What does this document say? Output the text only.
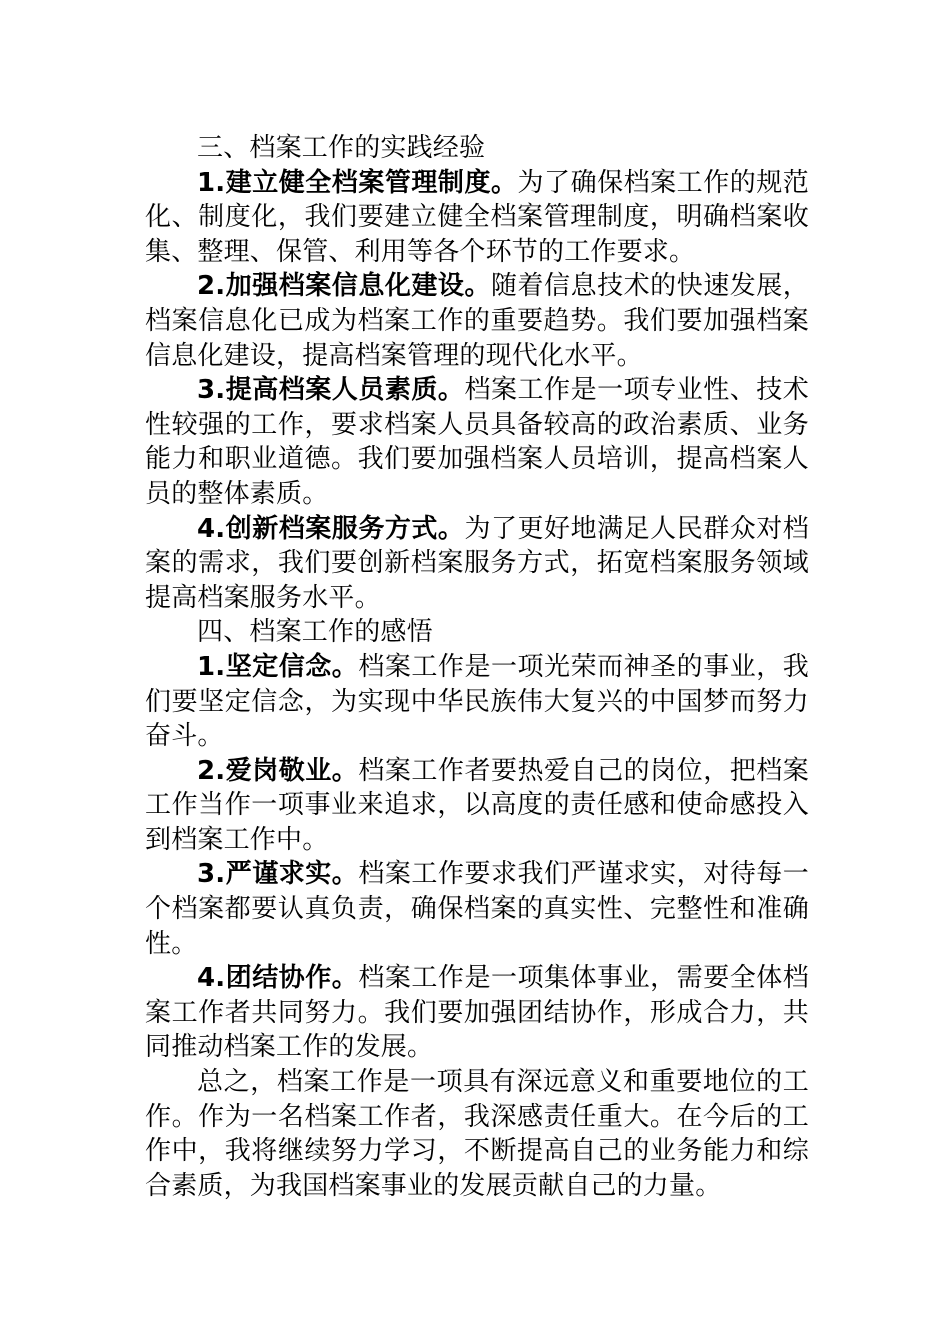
三、档案工作的实践经验

1.建立健全档案管理制度。为了确保档案工作的规范化、制度化，我们要建立健全档案管理制度，明确档案收集、整理、保管、利用等各个环节的工作要求。

2.加强档案信息化建设。随着信息技术的快速发展，档案信息化已成为档案工作的重要趋势。我们要加强档案信息化建设，提高档案管理的现代化水平。

3.提高档案人员素质。档案工作是一项专业性、技术性较强的工作，要求档案人员具备较高的政治素质、业务能力和职业道德。我们要加强档案人员培训，提高档案人员的整体素质。

4.创新档案服务方式。为了更好地满足人民群众对档案的需求，我们要创新档案服务方式，拓宽档案服务领域提高档案服务水平。

四、档案工作的感悟

1.坚定信念。档案工作是一项光荣而神圣的事业，我们要坚定信念，为实现中华民族伟大复兴的中国梦而努力奋斗。

2.爱岗敬业。档案工作者要热爱自己的岗位，把档案工作当作一项事业来追求，以高度的责任感和使命感投入到档案工作中。

3.严谨求实。档案工作要求我们严谨求实，对待每一个档案都要认真负责，确保档案的真实性、完整性和准确性。

4.团结协作。档案工作是一项集体事业，需要全体档案工作者共同努力。我们要加强团结协作，形成合力，共同推动档案工作的发展。

总之，档案工作是一项具有深远意义和重要地位的工作。作为一名档案工作者，我深感责任重大。在今后的工作中，我将继续努力学习，不断提高自己的业务能力和综合素质，为我国档案事业的发展贡献自己的力量。
